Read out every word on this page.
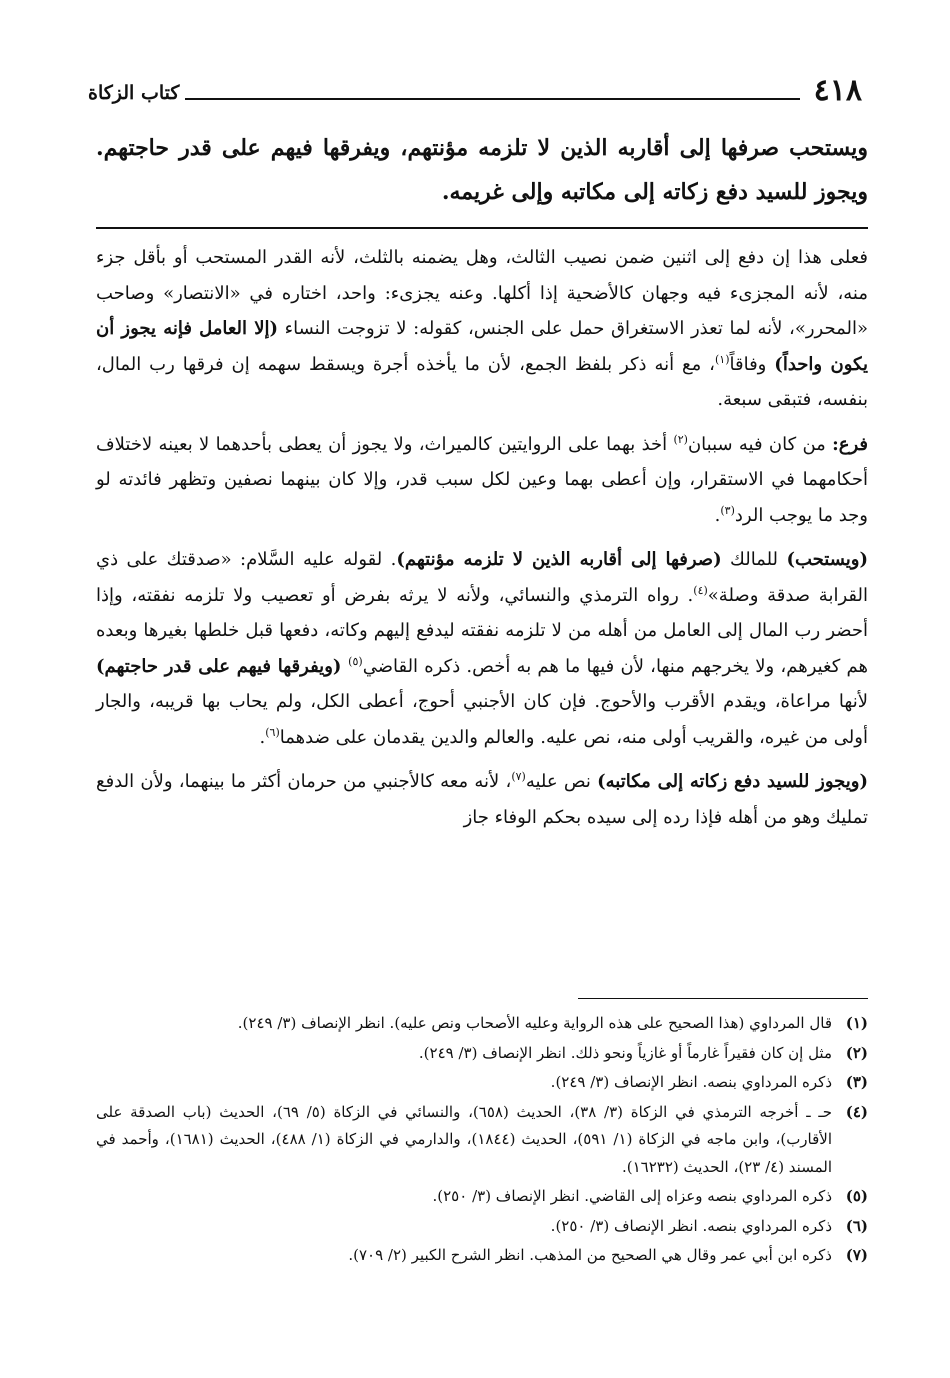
٤١٨
كتاب الزكاة
ويستحب صرفها إلى أقاربه الذين لا تلزمه مؤنتهم، ويفرقها فيهم على قدر حاجتهم. ويجوز للسيد دفع زكاته إلى مكاتبه وإلى غريمه.

فعلى هذا إن دفع إلى اثنين ضمن نصيب الثالث، وهل يضمنه بالثلث، لأنه القدر المستحب أو بأقل جزء منه، لأنه المجزىء فيه وجهان كالأضحية إذا أكلها. وعنه يجزىء: واحد، اختاره في «الانتصار» وصاحب «المحرر»، لأنه لما تعذر الاستغراق حمل على الجنس، كقوله: لا تزوجت النساء (إلا العامل فإنه يجوز أن يكون واحداً) وفاقاً$^{(١)}$، مع أنه ذكر بلفظ الجمع، لأن ما يأخذه أجرة ويسقط سهمه إن فرقها رب المال، بنفسه، فتبقى سبعة.

فرع: من كان فيه سببان$^{(٢)}$ أخذ بهما على الروايتين كالميراث، ولا يجوز أن يعطى بأحدهما لا بعينه لاختلاف أحكامهما في الاستقرار، وإن أعطى بهما وعين لكل سبب قدر، وإلا كان بينهما نصفين وتظهر فائدته لو وجد ما يوجب الرد$^{(٣)}$.

(ويستحب) للمالك (صرفها إلى أقاربه الذين لا تلزمه مؤنتهم). لقوله عليه السَّلام: «صدقتك على ذي القرابة صدقة وصلة»$^{(٤)}$. رواه الترمذي والنسائي، ولأنه لا يرثه بفرض أو تعصيب ولا تلزمه نفقته، وإذا أحضر رب المال إلى العامل من أهله من لا تلزمه نفقته ليدفع إليهم وكاته، دفعها قبل خلطها بغيرها وبعده هم كغيرهم، ولا يخرجهم منها، لأن فيها ما هم به أخص. ذكره القاضي$^{(٥)}$ (ويفرقها فيهم على قدر حاجتهم) لأنها مراعاة، ويقدم الأقرب والأحوج. فإن كان الأجنبي أحوج، أعطى الكل، ولم يحاب بها قريبه، والجار أولى من غيره، والقريب أولى منه، نص عليه. والعالم والدين يقدمان على ضدهما$^{(٦)}$.

(ويجوز للسيد دفع زكاته إلى مكاتبه) نص عليه$^{(٧)}$، لأنه معه كالأجنبي من حرمان أكثر ما بينهما، ولأن الدفع تمليك وهو من أهله فإذا رده إلى سيده بحكم الوفاء جاز

(١)
قال المرداوي (هذا الصحيح على هذه الرواية وعليه الأصحاب ونص عليه). انظر الإنصاف (٣/ ٢٤٩).
(٢)
مثل إن كان فقيراً غارماً أو غازياً ونحو ذلك. انظر الإنصاف (٣/ ٢٤٩).
(٣)
ذكره المرداوي بنصه. انظر الإنصاف (٣/ ٢٤٩).
(٤)
حـ ـ أخرجه الترمذي في الزكاة (٣/ ٣٨)، الحديث (٦٥٨)، والنسائي في الزكاة (٥/ ٦٩)، الحديث (باب الصدقة على الأقارب)، وابن ماجه في الزكاة (١/ ٥٩١)، الحديث (١٨٤٤)، والدارمي في الزكاة (١/ ٤٨٨)، الحديث (١٦٨١)، وأحمد في المسند (٤/ ٢٣)، الحديث (١٦٢٣٢).
(٥)
ذكره المرداوي بنصه وعزاه إلى القاضي. انظر الإنصاف (٣/ ٢٥٠).
(٦)
ذكره المرداوي بنصه. انظر الإنصاف (٣/ ٢٥٠).
(٧)
ذكره ابن أبي عمر وقال هي الصحيح من المذهب. انظر الشرح الكبير (٢/ ٧٠٩).
